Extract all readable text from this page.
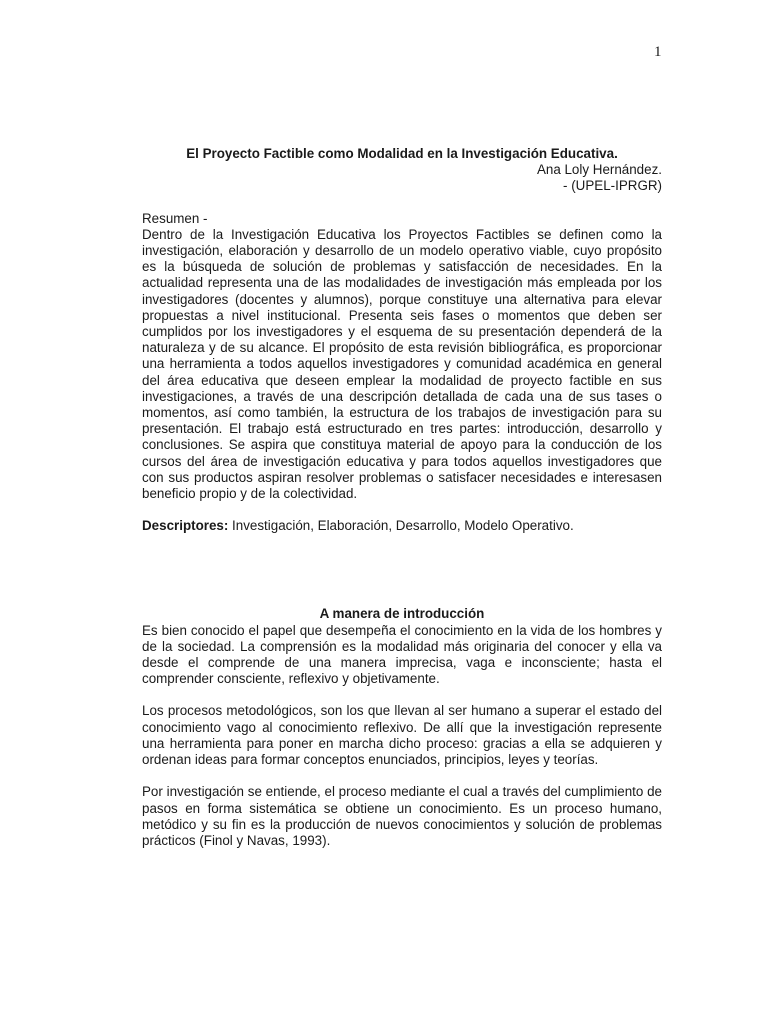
1

El Proyecto Factible como Modalidad en la Investigación Educativa.

Ana Loly Hernández.

- (UPEL-IPRGR)

Resumen -

Dentro de la Investigación Educativa los Proyectos Factibles se definen como la investigación, elaboración y desarrollo de un modelo operativo viable, cuyo propósito es la búsqueda de solución de problemas y satisfacción de necesidades. En la actualidad representa una de las modalidades de investigación más empleada por los investigadores (docentes y alumnos), porque constituye una alternativa para elevar propuestas a nivel institucional. Presenta seis fases o momentos que deben ser cumplidos por los investigadores y el esquema de su presentación dependerá de la naturaleza y de su alcance. El propósito de esta revisión bibliográfica, es proporcionar una herramienta a todos aquellos investigadores y comunidad académica en general del área educativa que deseen emplear la modalidad de proyecto factible en sus investigaciones, a través de una descripción detallada de cada una de sus tases o momentos, así como también, la estructura de los trabajos de investigación para su presentación. El trabajo está estructurado en tres partes: introducción, desarrollo y conclusiones. Se aspira que constituya material de apoyo para la conducción de los cursos del área de investigación educativa y para todos aquellos investigadores que con sus productos aspiran resolver problemas o satisfacer necesidades e interesasen beneficio propio y de la colectividad.

Descriptores: Investigación, Elaboración, Desarrollo, Modelo Operativo.

A manera de introducción

Es bien conocido el papel que desempeña el conocimiento en la vida de los hombres y de la sociedad. La comprensión es la modalidad más originaria del conocer y ella va desde el comprende de una manera imprecisa, vaga e inconsciente; hasta el comprender consciente, reflexivo y objetivamente.

Los procesos metodológicos, son los que llevan al ser humano a superar el estado del conocimiento vago al conocimiento reflexivo. De allí que la investigación represente una herramienta para poner en marcha dicho proceso: gracias a ella se adquieren y ordenan ideas para formar conceptos enunciados, principios, leyes y teorías.

Por investigación se entiende, el proceso mediante el cual a través del cumplimiento de pasos en forma sistemática se obtiene un conocimiento. Es un proceso humano, metódico y su fin es la producción de nuevos conocimientos y solución de problemas prácticos (Finol y Navas, 1993).
